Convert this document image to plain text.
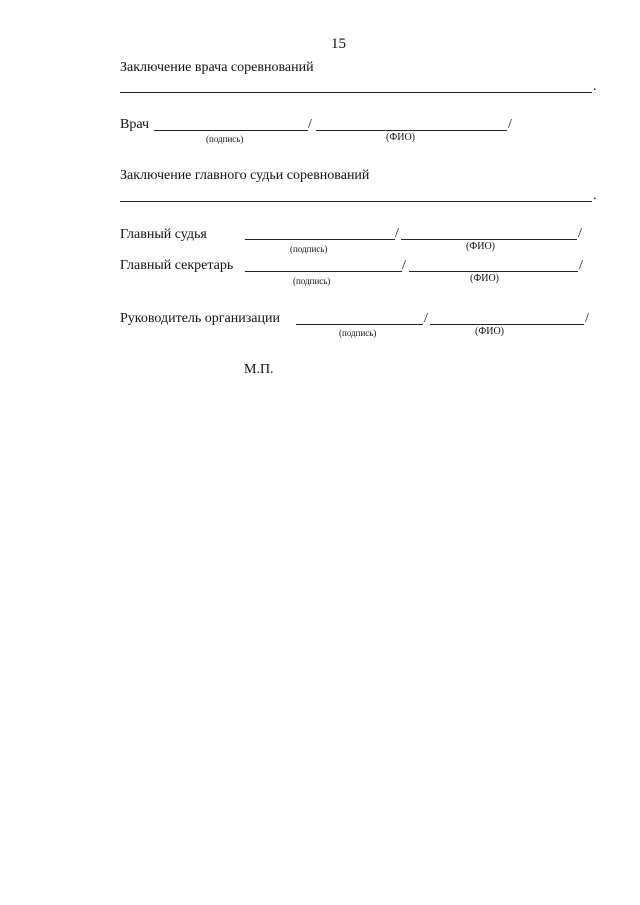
15
Заключение врача соревнований
.
Врач	/	/
(подпись)	(ФИО)
Заключение главного судьи соревнований
.
Главный судья	/	/
(подпись)	(ФИО)
Главный секретарь	/	/
(подпись)	(ФИО)
Руководитель организации	/	/
(подпись)	(ФИО)
М.П.
